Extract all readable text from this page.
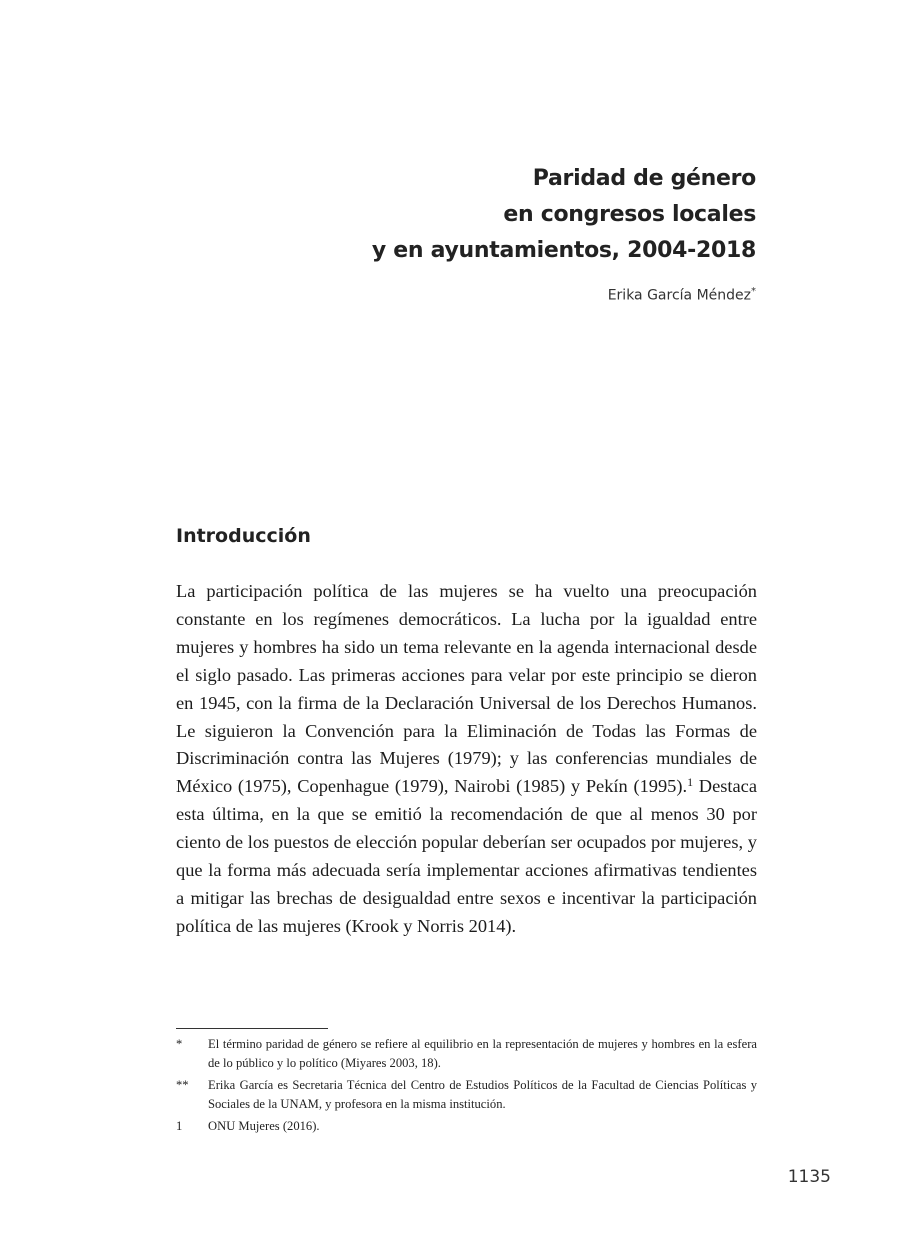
Paridad de género
en congresos locales
y en ayuntamientos, 2004-2018
Erika García Méndez*
Introducción

La participación política de las mujeres se ha vuelto una preocupación constante en los regímenes democráticos. La lucha por la igualdad entre mujeres y hombres ha sido un tema relevante en la agenda internacional desde el siglo pasado. Las primeras acciones para velar por este principio se dieron en 1945, con la firma de la Declaración Universal de los Derechos Humanos. Le siguieron la Convención para la Eliminación de Todas las Formas de Discriminación contra las Mujeres (1979); y las conferencias mundiales de México (1975), Copenhague (1979), Nairobi (1985) y Pekín (1995).$^1$ Destaca esta última, en la que se emitió la recomendación de que al menos 30 por ciento de los puestos de elección popular deberían ser ocupados por mujeres, y que la forma más adecuada sería implementar acciones afirmativas tendientes a mitigar las brechas de desigualdad entre sexos e incentivar la participación política de las mujeres (Krook y Norris 2014).

*	El término paridad de género se refiere al equilibrio en la representación de mujeres y hombres en la esfera de lo público y lo político (Miyares 2003, 18).
**	Erika García es Secretaria Técnica del Centro de Estudios Políticos de la Facultad de Ciencias Políticas y Sociales de la UNAM, y profesora en la misma institución.
1	ONU Mujeres (2016).
1135
